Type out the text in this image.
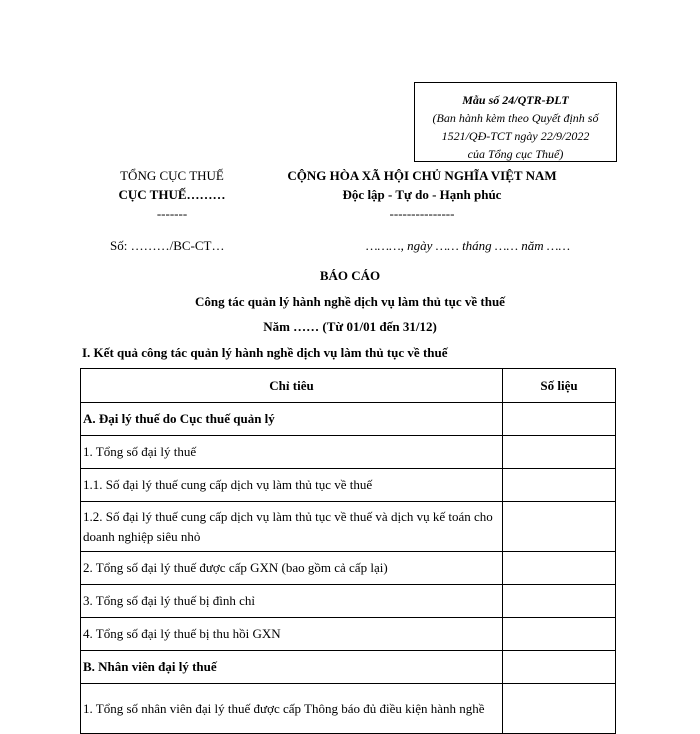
Mẫu số 24/QTR-ĐLT
(Ban hành kèm theo Quyết định số
1521/QĐ-TCT ngày 22/9/2022
của Tổng cục Thuế)
TỔNG CỤC THUẾ
CỤC THUẾ………
-------
CỘNG HÒA XÃ HỘI CHỦ NGHĨA VIỆT NAM
Độc lập - Tự do - Hạnh phúc
---------------
Số: ………/BC-CT…	………, ngày …… tháng …… năm ……
BÁO CÁO
Công tác quản lý hành nghề dịch vụ làm thủ tục về thuế
Năm …… (Từ 01/01 đến 31/12)
I. Kết quả công tác quản lý hành nghề dịch vụ làm thủ tục về thuế
Chỉ tiêu	Số liệu
A. Đại lý thuế do Cục thuế quản lý	
1. Tổng số đại lý thuế	
1.1. Số đại lý thuế cung cấp dịch vụ làm thủ tục về thuế	
1.2. Số đại lý thuế cung cấp dịch vụ làm thủ tục về thuế và dịch vụ kế toán cho doanh nghiệp siêu nhỏ	
2. Tổng số đại lý thuế được cấp GXN (bao gồm cả cấp lại)	
3. Tổng số đại lý thuế bị đình chỉ	
4. Tổng số đại lý thuế bị thu hồi GXN	
B. Nhân viên đại lý thuế	
1. Tổng số nhân viên đại lý thuế được cấp Thông báo đủ điều kiện hành nghề	
